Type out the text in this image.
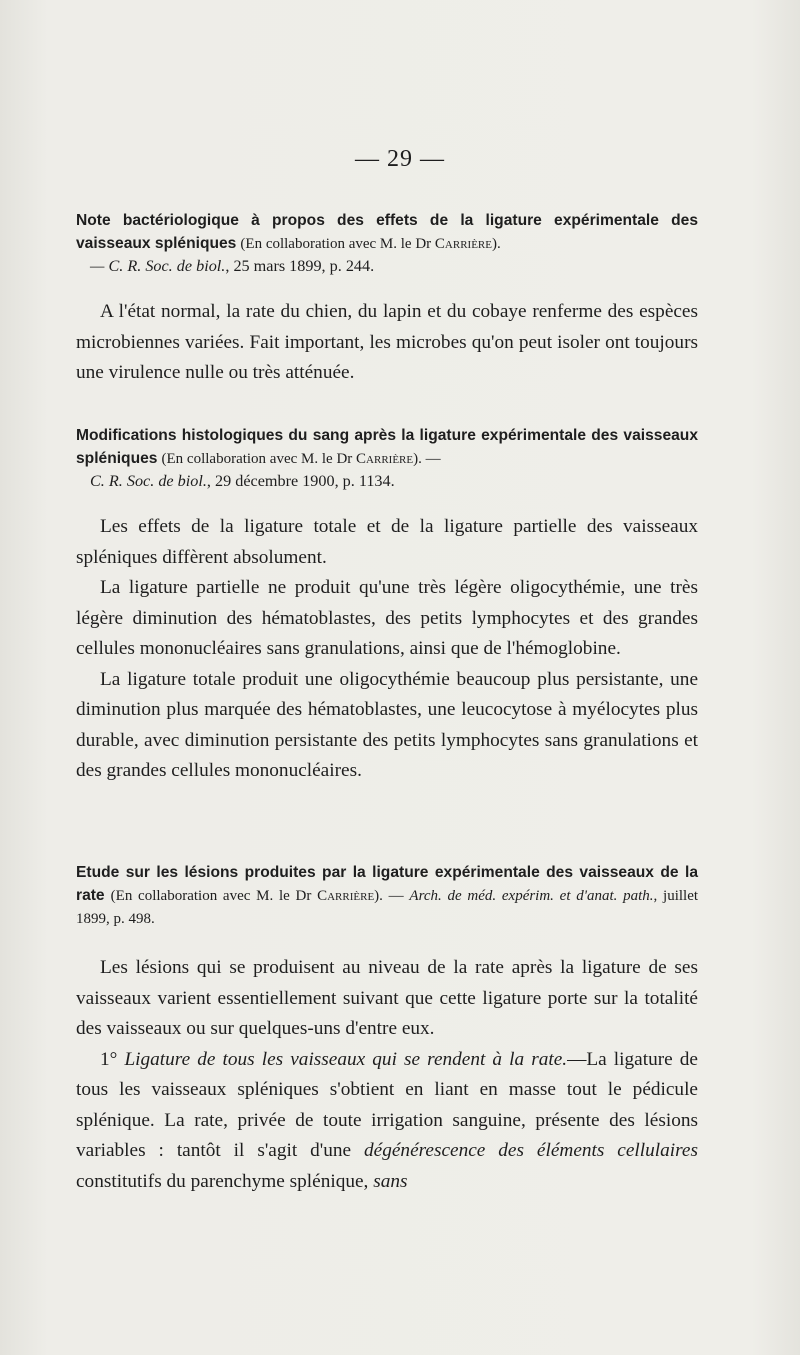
— 29 —
Note bactériologique à propos des effets de la ligature expérimentale des vaisseaux spléniques (En collaboration avec M. le Dr Carrière).
— C. R. Soc. de biol., 25 mars 1899, p. 244.

A l'état normal, la rate du chien, du lapin et du cobaye renferme des espèces microbiennes variées. Fait important, les microbes qu'on peut isoler ont toujours une virulence nulle ou très atténuée.

Modifications histologiques du sang après la ligature expérimentale des vaisseaux spléniques (En collaboration avec M. le Dr Carrière). —
C. R. Soc. de biol., 29 décembre 1900, p. 1134.

Les effets de la ligature totale et de la ligature partielle des vaisseaux spléniques diffèrent absolument.

La ligature partielle ne produit qu'une très légère oligocythémie, une très légère diminution des hématoblastes, des petits lymphocytes et des grandes cellules mononucléaires sans granulations, ainsi que de l'hémoglobine.

La ligature totale produit une oligocythémie beaucoup plus persistante, une diminution plus marquée des hématoblastes, une leucocytose à myélocytes plus durable, avec diminution persistante des petits lymphocytes sans granulations et des grandes cellules mononucléaires.

Etude sur les lésions produites par la ligature expérimentale des vaisseaux de la rate (En collaboration avec M. le Dr Carrière). — Arch. de méd. expérim. et d'anat. path., juillet 1899, p. 498.

Les lésions qui se produisent au niveau de la rate après la ligature de ses vaisseaux varient essentiellement suivant que cette ligature porte sur la totalité des vaisseaux ou sur quelques-uns d'entre eux.

1° Ligature de tous les vaisseaux qui se rendent à la rate.—La ligature de tous les vaisseaux spléniques s'obtient en liant en masse tout le pédicule splénique. La rate, privée de toute irrigation sanguine, présente des lésions variables : tantôt il s'agit d'une dégénérescence des éléments cellulaires constitutifs du parenchyme splénique, sans
